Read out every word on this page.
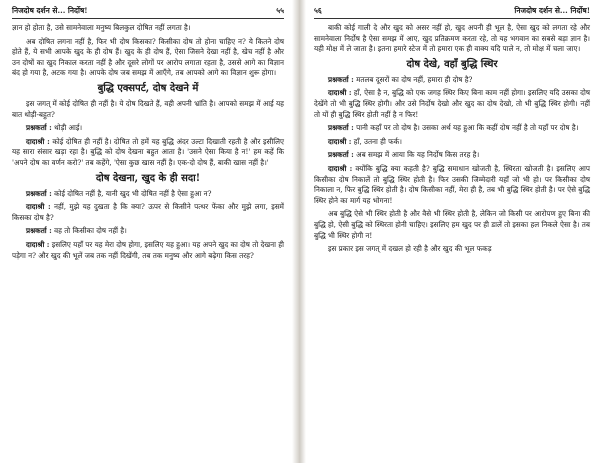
निजदोष दर्शन से... निर्दोष!	५५

ज्ञान हो होता है, उसे सामनेवाला मनुष्य बिलकुल दोषित नहीं लगता है।

अब दोषित लगना नहीं है, फिर भी दोष किसका? किसीका दोष तो होना चाहिए न? ये कितने दोष होते हैं, ये सभी आपके खुद के ही दोष हैं। खुद के ही दोष हैं, ऐसा जिसने देखा नहीं है, खेच नहीं है और उन दोषों का खुद निकाल करता नहीं है और दूसरे लोगों पर आरोप लगाता रहता है, उससे आगे का विज्ञान बंद हो गया है, अटक गया है। आपके दोष जब समझ में आएँगे, तब आपको आगे का विज्ञान शुरू होगा।

बुद्धि एक्सपर्ट, दोष देखने में

इस जगत् में कोई दोषित ही नहीं है। ये दोष दिखते हैं, वही अपनी भ्रांति है। आपको समझ में आई यह बात थोड़ी-बहुत?

प्रश्नकर्ता : थोड़ी आई।

दादाश्री : कोई दोषित ही नहीं है। दोषित तो हमें यह बुद्धि अंदर उल्टा दिखाती रहती है और इसीलिए यह सारा संसार खड़ा रहा है। बुद्धि को दोष देखना बहुत आता है। 'उसने ऐसा किया है न!' हम कहें कि 'अपने दोष का वर्णन करो?' तब कहेंगे, 'ऐसा कुछ खास नहीं है। एक-दो दोष हैं, बाकी खास नहीं है।'

दोष देखना, खुद के ही सदा!

प्रश्नकर्ता : कोई दोषित नहीं है, यानी खुद भी दोषित नहीं है ऐसा हुआ न?

दादाश्री : नहीं, मुझे यह दुखता है कि क्या? ऊपर से किसीने पत्थर फेंका और मुझे लगा, इसमें किसका दोष है?

प्रश्नकर्ता : वह तो किसीका दोष नहीं है।

दादाश्री : इसलिए यहाँ पर यह मेरा दोष होगा, इसलिए यह हुआ। यह अपने खुद का दोष तो देखना ही पड़ेगा न? और खुद की भूलें जब तक नहीं दिखेंगी, तब तक मनुष्य और आगे बढ़ेगा किस तरह?

५६	निजदोष दर्शन से... निर्दोष!

बाकी कोई गाली दे और खुद को असर नहीं हो, खुद अपनी ही भूल है, ऐसा खुद को लगता रहे और सामनेवाला निर्दोष है ऐसा समझ में आए, खुद प्रतिक्रमण करता रहे, तो यह भगवान का सबसे बड़ा ज्ञान है। यही मोक्ष में ले जाता है। इतना हमारे स्टेज में तो हमारा एक ही वाक्य यदि पाले न, तो मोक्ष में चला जाए।

दोष देखे, वहाँ बुद्धि स्थिर

प्रश्नकर्ता : मतलब दूसरों का दोष नहीं, हमारा ही दोष है?

दादाश्री : हाँ, ऐसा है न, बुद्धि को एक जगह स्थिर किए बिना काम नहीं होगा। इसलिए यदि उसका दोष देखेंगे तो भी बुद्धि स्थिर होगी। और उसे निर्दोष देखो और खुद का दोष देखो, तो भी बुद्धि स्थिर होगी। नहीं तो यों ही बुद्धि स्थिर होती नहीं है न फिर!

प्रश्नकर्ता : पानी कहाँ पर तो दोष है। उसका अर्थ यह हुआ कि कहीं दोष नहीं है तो यहाँ पर दोष है।

दादाश्री : हाँ, उतना ही फर्क।

प्रश्नकर्ता : अब समझ में आया कि यह निर्दोष किस तरह है।

दादाश्री : क्योंकि बुद्धि क्या कहती है? बुद्धि समाधान खोजती है, स्थिरता खोजती है। इसलिए आप किसीका दोष निकालें तो बुद्धि स्थिर होती है। फिर उसकी जिम्मेदारी यहाँ जो भी हो। पर किसीका दोष निकाला न, फिर बुद्धि स्थिर होती है। दोष किसीका नहीं, मेरा ही है, तब भी बुद्धि स्थिर होती है। पर ऐसे बुद्धि स्थिर होने का मार्ग यह भोगना!

अब बुद्धि ऐसे भी स्थिर होती है और वैसे भी स्थिर होती है, लेकिन जो किसी पर आरोपण हुए बिना की बुद्धि हो, ऐसी बुद्धि को स्थिरता होनी चाहिए। इसलिए हम खुद पर ही डालें तो इसका हल निकले ऐसा है। तब बुद्धि भी स्थिर होगी न!

इस प्रकार इस जगत् में दखल हो रही है और खुद की भूल फकड़
